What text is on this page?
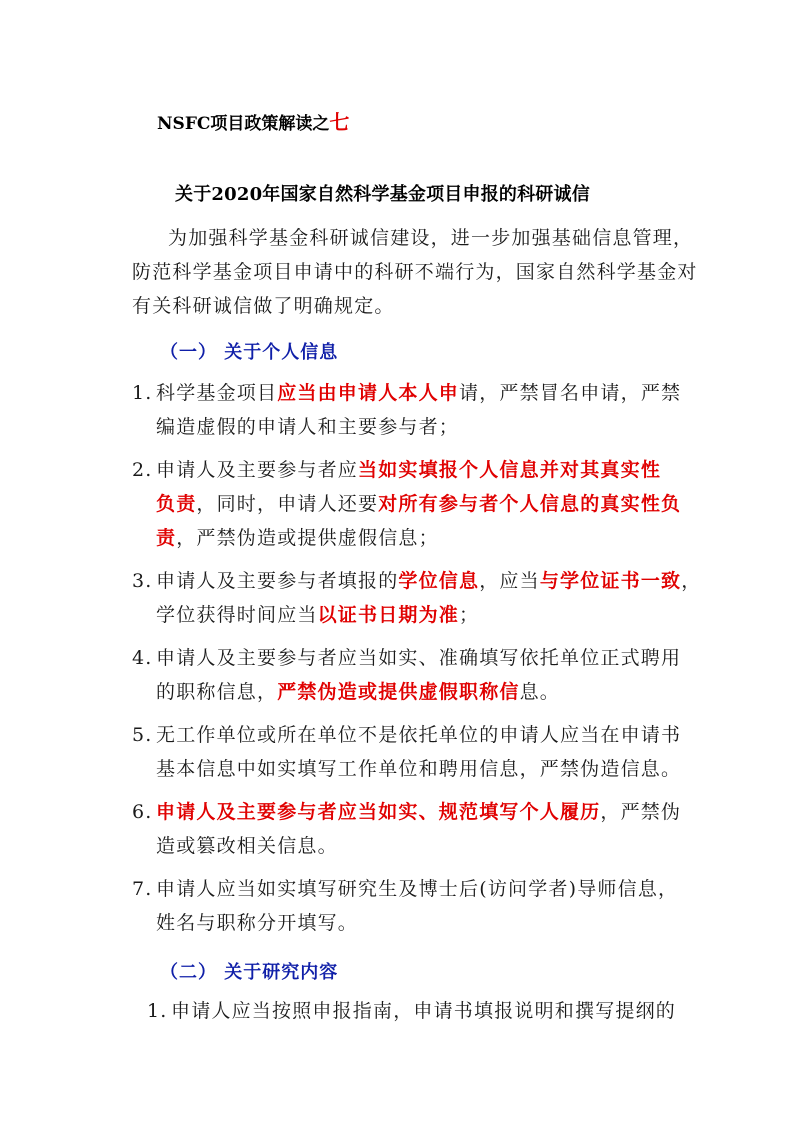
NSFC项目政策解读之七
关于2020年国家自然科学基金项目申报的科研诚信
为加强科学基金科研诚信建设，进一步加强基础信息管理，
防范科学基金项目申请中的科研不端行为，国家自然科学基金对
有关科研诚信做了明确规定。
（一） 关于个人信息
1. 科学基金项目应当由申请人本人申请，严禁冒名申请，严禁
编造虚假的申请人和主要参与者；
2. 申请人及主要参与者应当如实填报个人信息并对其真实性
负责，同时，申请人还要对所有参与者个人信息的真实性负
责，严禁伪造或提供虚假信息；
3. 申请人及主要参与者填报的学位信息，应当与学位证书一致，
学位获得时间应当以证书日期为准；
4. 申请人及主要参与者应当如实、准确填写依托单位正式聘用
的职称信息，严禁伪造或提供虚假职称信息。
5. 无工作单位或所在单位不是依托单位的申请人应当在申请书
基本信息中如实填写工作单位和聘用信息，严禁伪造信息。
6. 申请人及主要参与者应当如实、规范填写个人履历，严禁伪
造或篡改相关信息。
7. 申请人应当如实填写研究生及博士后(访问学者)导师信息，
姓名与职称分开填写。
（二） 关于研究内容
1. 申请人应当按照申报指南，申请书填报说明和撰写提纲的
